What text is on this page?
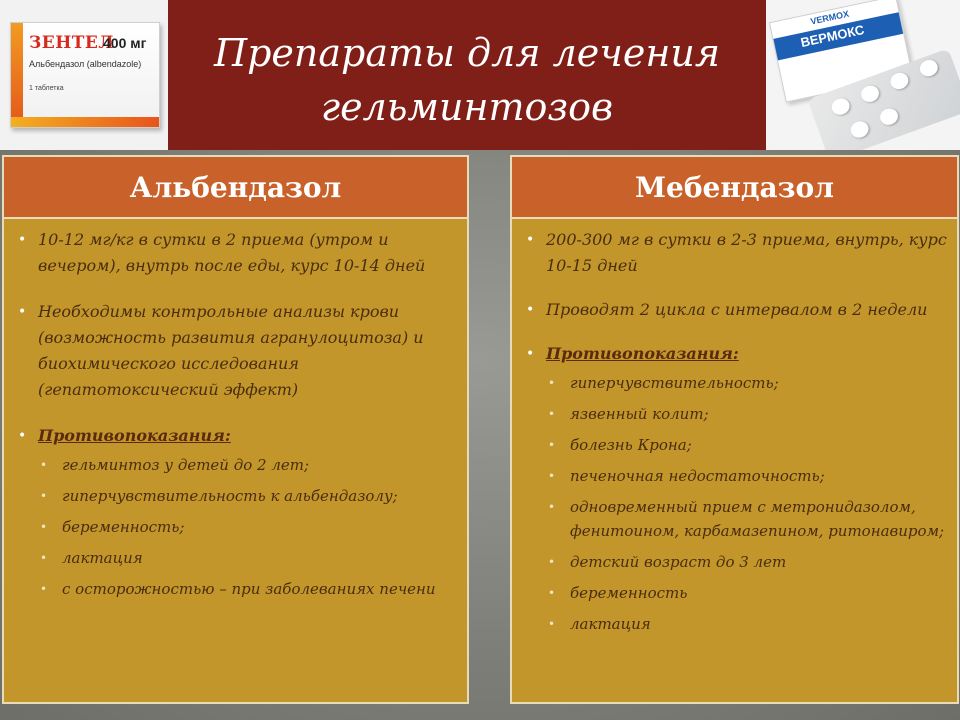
ЗЕНТЕЛ
400 мг
Альбендазол (albendazole)
1 таблетка
Препараты для лечения
гельминтозов
VERMOX
ВЕРМОКС
Альбендазол
• 10-12 мг/кг в сутки в 2 приема (утром и вечером), внутрь после еды, курс 10-14 дней
• Необходимы контрольные анализы крови (возможность развития агранулоцитоза) и биохимического исследования (гепатотоксический эффект)
• Противопоказания:
• гельминтоз у детей до 2 лет;
• гиперчувствительность к альбендазолу;
• беременность;
• лактация
• с осторожностью – при заболеваниях печени
Мебендазол
• 200-300 мг в сутки в 2-3 приема, внутрь, курс 10-15 дней
• Проводят 2 цикла с интервалом в 2 недели
• Противопоказания:
• гиперчувствительность;
• язвенный колит;
• болезнь Крона;
• печеночная недостаточность;
• одновременный прием с метронидазолом, фенитоином, карбамазепином, ритонавиром;
• детский возраст до 3 лет
• беременность
• лактация
